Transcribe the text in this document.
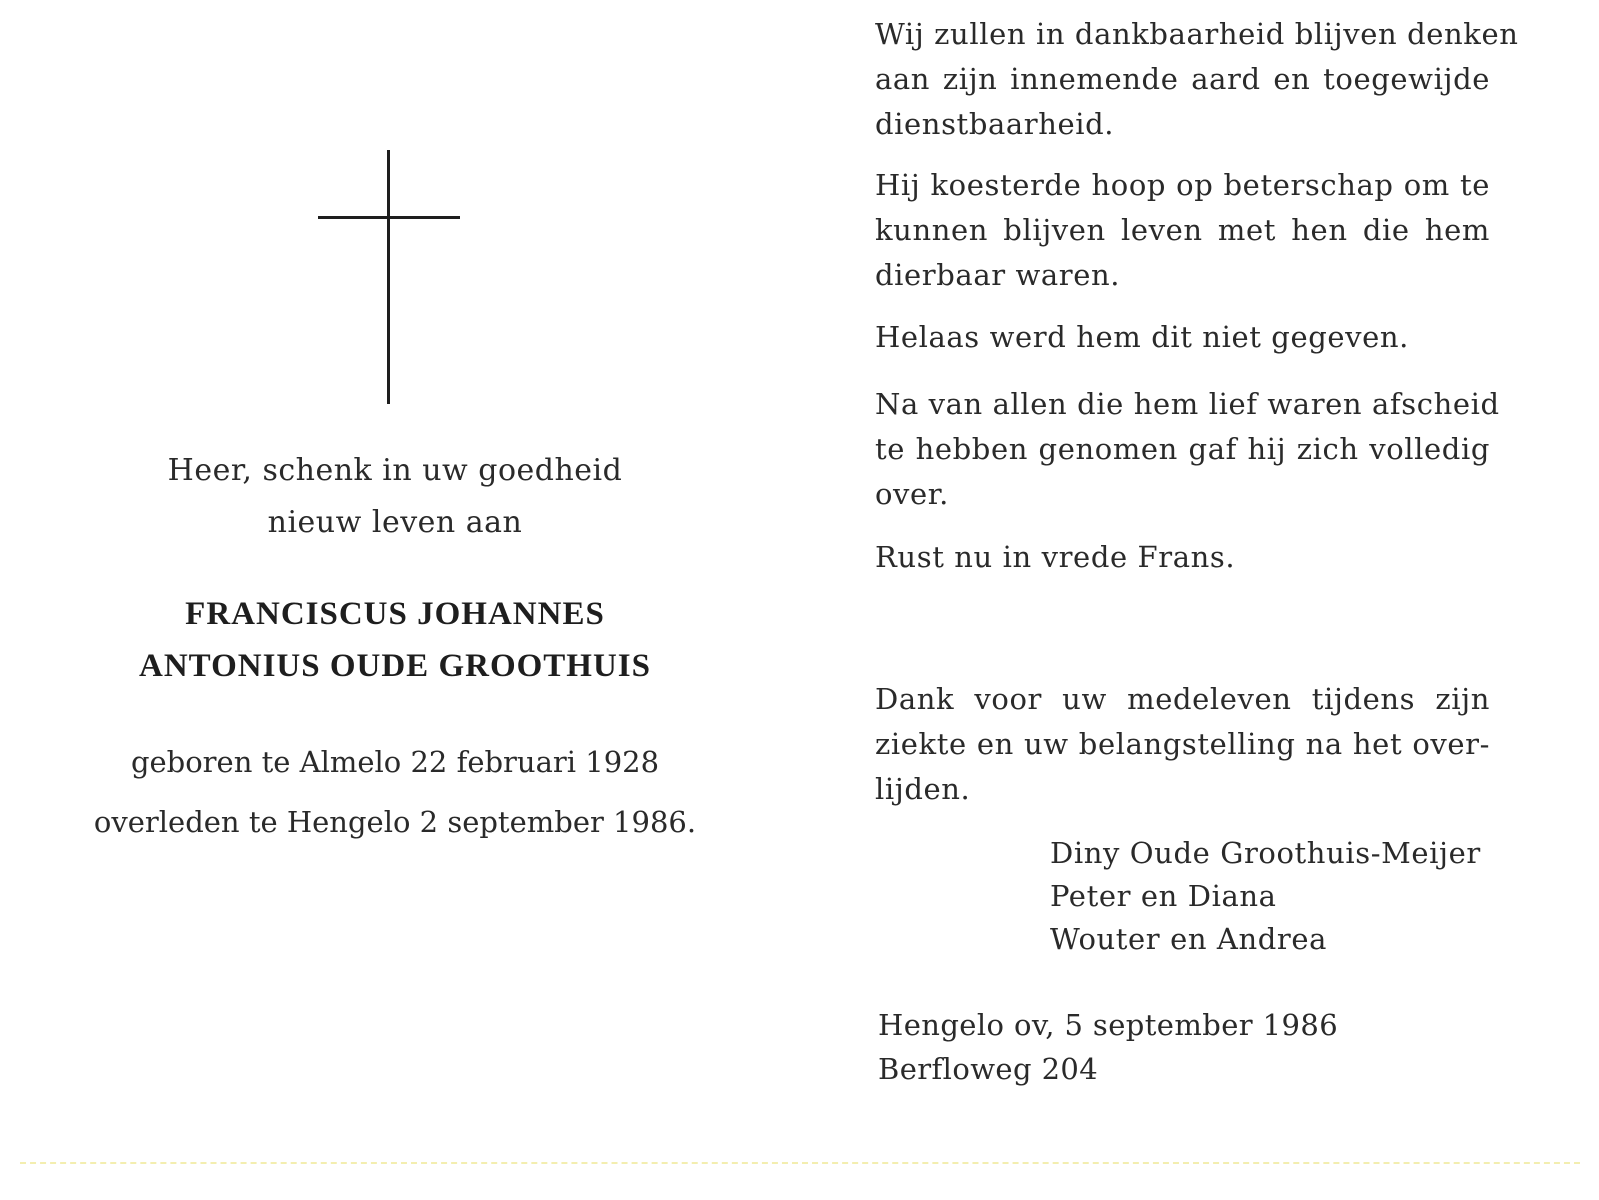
Heer, schenk in uw goedheid
nieuw leven aan
FRANCISCUS JOHANNES
ANTONIUS OUDE GROOTHUIS
geboren te Almelo 22 februari 1928
overleden te Hengelo 2 september 1986.
Wij zullen in dankbaarheid blijven denken
aan zijn innemende aard en toegewijde
dienstbaarheid.
Hij koesterde hoop op beterschap om te
kunnen blijven leven met hen die hem
dierbaar waren.
Helaas werd hem dit niet gegeven.
Na van allen die hem lief waren afscheid
te hebben genomen gaf hij zich volledig
over.
Rust nu in vrede Frans.
Dank voor uw medeleven tijdens zijn
ziekte en uw belangstelling na het over-
lijden.
Diny Oude Groothuis-Meijer
Peter en Diana
Wouter en Andrea
Hengelo ov, 5 september 1986
Berfloweg 204
